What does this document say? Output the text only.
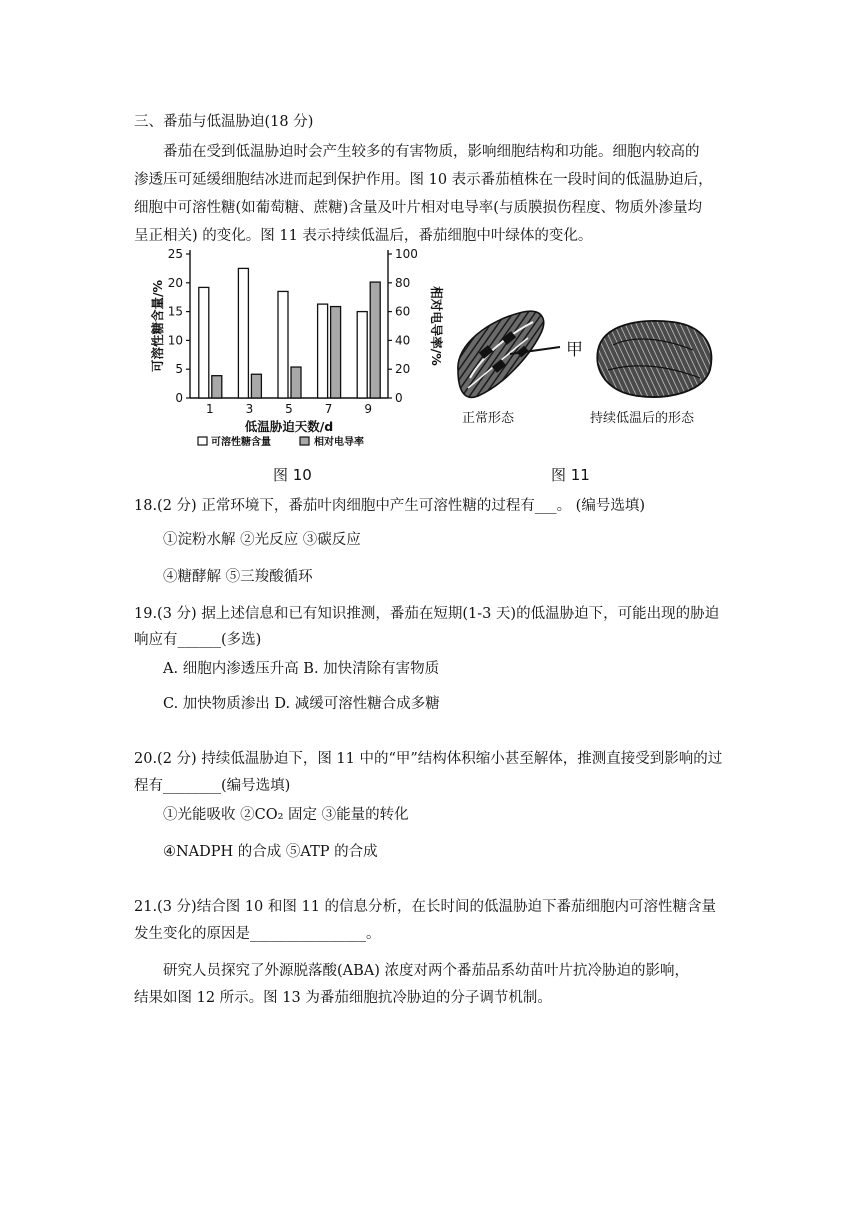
三、番茄与低温胁迫(18 分)
番茄在受到低温胁迫时会产生较多的有害物质，影响细胞结构和功能。细胞内较高的
渗透压可延缓细胞结冰进而起到保护作用。图 10 表示番茄植株在一段时间的低温胁迫后，
细胞中可溶性糖(如葡萄糖、蔗糖)含量及叶片相对电导率(与质膜损伤程度、物质外渗量均
呈正相关) 的变化。图 11 表示持续低温后，番茄细胞中叶绿体的变化。
0
5
10
15
20
25
0
20
40
60
80
100
1	3	5	7	9
低温胁迫天数/d
可溶性糖含量/%	相对电导率/%
可溶性糖含量	相对电导率
甲
正常形态	持续低温后的形态
图 10	图 11
18.(2 分) 正常环境下，番茄叶肉细胞中产生可溶性糖的过程有___。 (编号选填)
①淀粉水解 ②光反应 ③碳反应
④糖酵解 ⑤三羧酸循环
19.(3 分) 据上述信息和已有知识推测，番茄在短期(1-3 天)的低温胁迫下，可能出现的胁迫
响应有______(多选)
A. 细胞内渗透压升高 B. 加快清除有害物质
C. 加快物质渗出 D. 减缓可溶性糖合成多糖
20.(2 分) 持续低温胁迫下，图 11 中的“甲”结构体积缩小甚至解体，推测直接受到影响的过
程有________(编号选填)
①光能吸收 ②CO₂ 固定 ③能量的转化
④NADPH 的合成 ⑤ATP 的合成
21.(3 分)结合图 10 和图 11 的信息分析，在长时间的低温胁迫下番茄细胞内可溶性糖含量
发生变化的原因是________________。
研究人员探究了外源脱落酸(ABA) 浓度对两个番茄品系幼苗叶片抗冷胁迫的影响，
结果如图 12 所示。图 13 为番茄细胞抗冷胁迫的分子调节机制。
